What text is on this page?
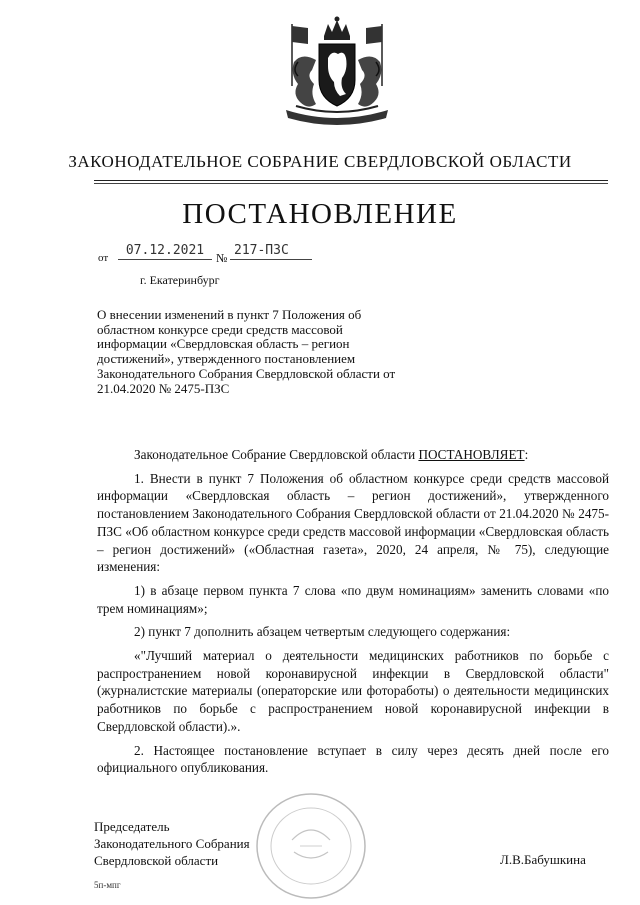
ЗАКОНОДАТЕЛЬНОЕ СОБРАНИЕ СВЕРДЛОВСКОЙ ОБЛАСТИ
ПОСТАНОВЛЕНИЕ
от	07.12.2021 № 217-ПЗС
г. Екатеринбург
О внесении изменений в пункт 7 Положения об областном конкурсе среди средств массовой информации «Свердловская область – регион достижений», утвержденного постановлением Законодательного Собрания Свердловской области от 21.04.2020 № 2475-ПЗС

Законодательное Собрание Свердловской области ПОСТАНОВЛЯЕТ:

1. Внести в пункт 7 Положения об областном конкурсе среди средств массовой информации «Свердловская область – регион достижений», утвержденного постановлением Законодательного Собрания Свердловской области от 21.04.2020 № 2475-ПЗС «Об областном конкурсе среди средств массовой информации «Свердловская область – регион достижений» («Областная газета», 2020, 24 апреля, № 75), следующие изменения:

1) в абзаце первом пункта 7 слова «по двум номинациям» заменить словами «по трем номинациям»;

2) пункт 7 дополнить абзацем четвертым следующего содержания:

«"Лучший материал о деятельности медицинских работников по борьбе с распространением новой коронавирусной инфекции в Свердловской области" (журналистские материалы (операторские или фоторaботы) о деятельности медицинских работников по борьбе с распространением новой коронавирусной инфекции в Свердловской области).».

2. Настоящее постановление вступает в силу через десять дней после его официального опубликования.

Председатель
Законодательного Собрания
Свердловской области	Л.В.Бабушкина
5п-мпг
